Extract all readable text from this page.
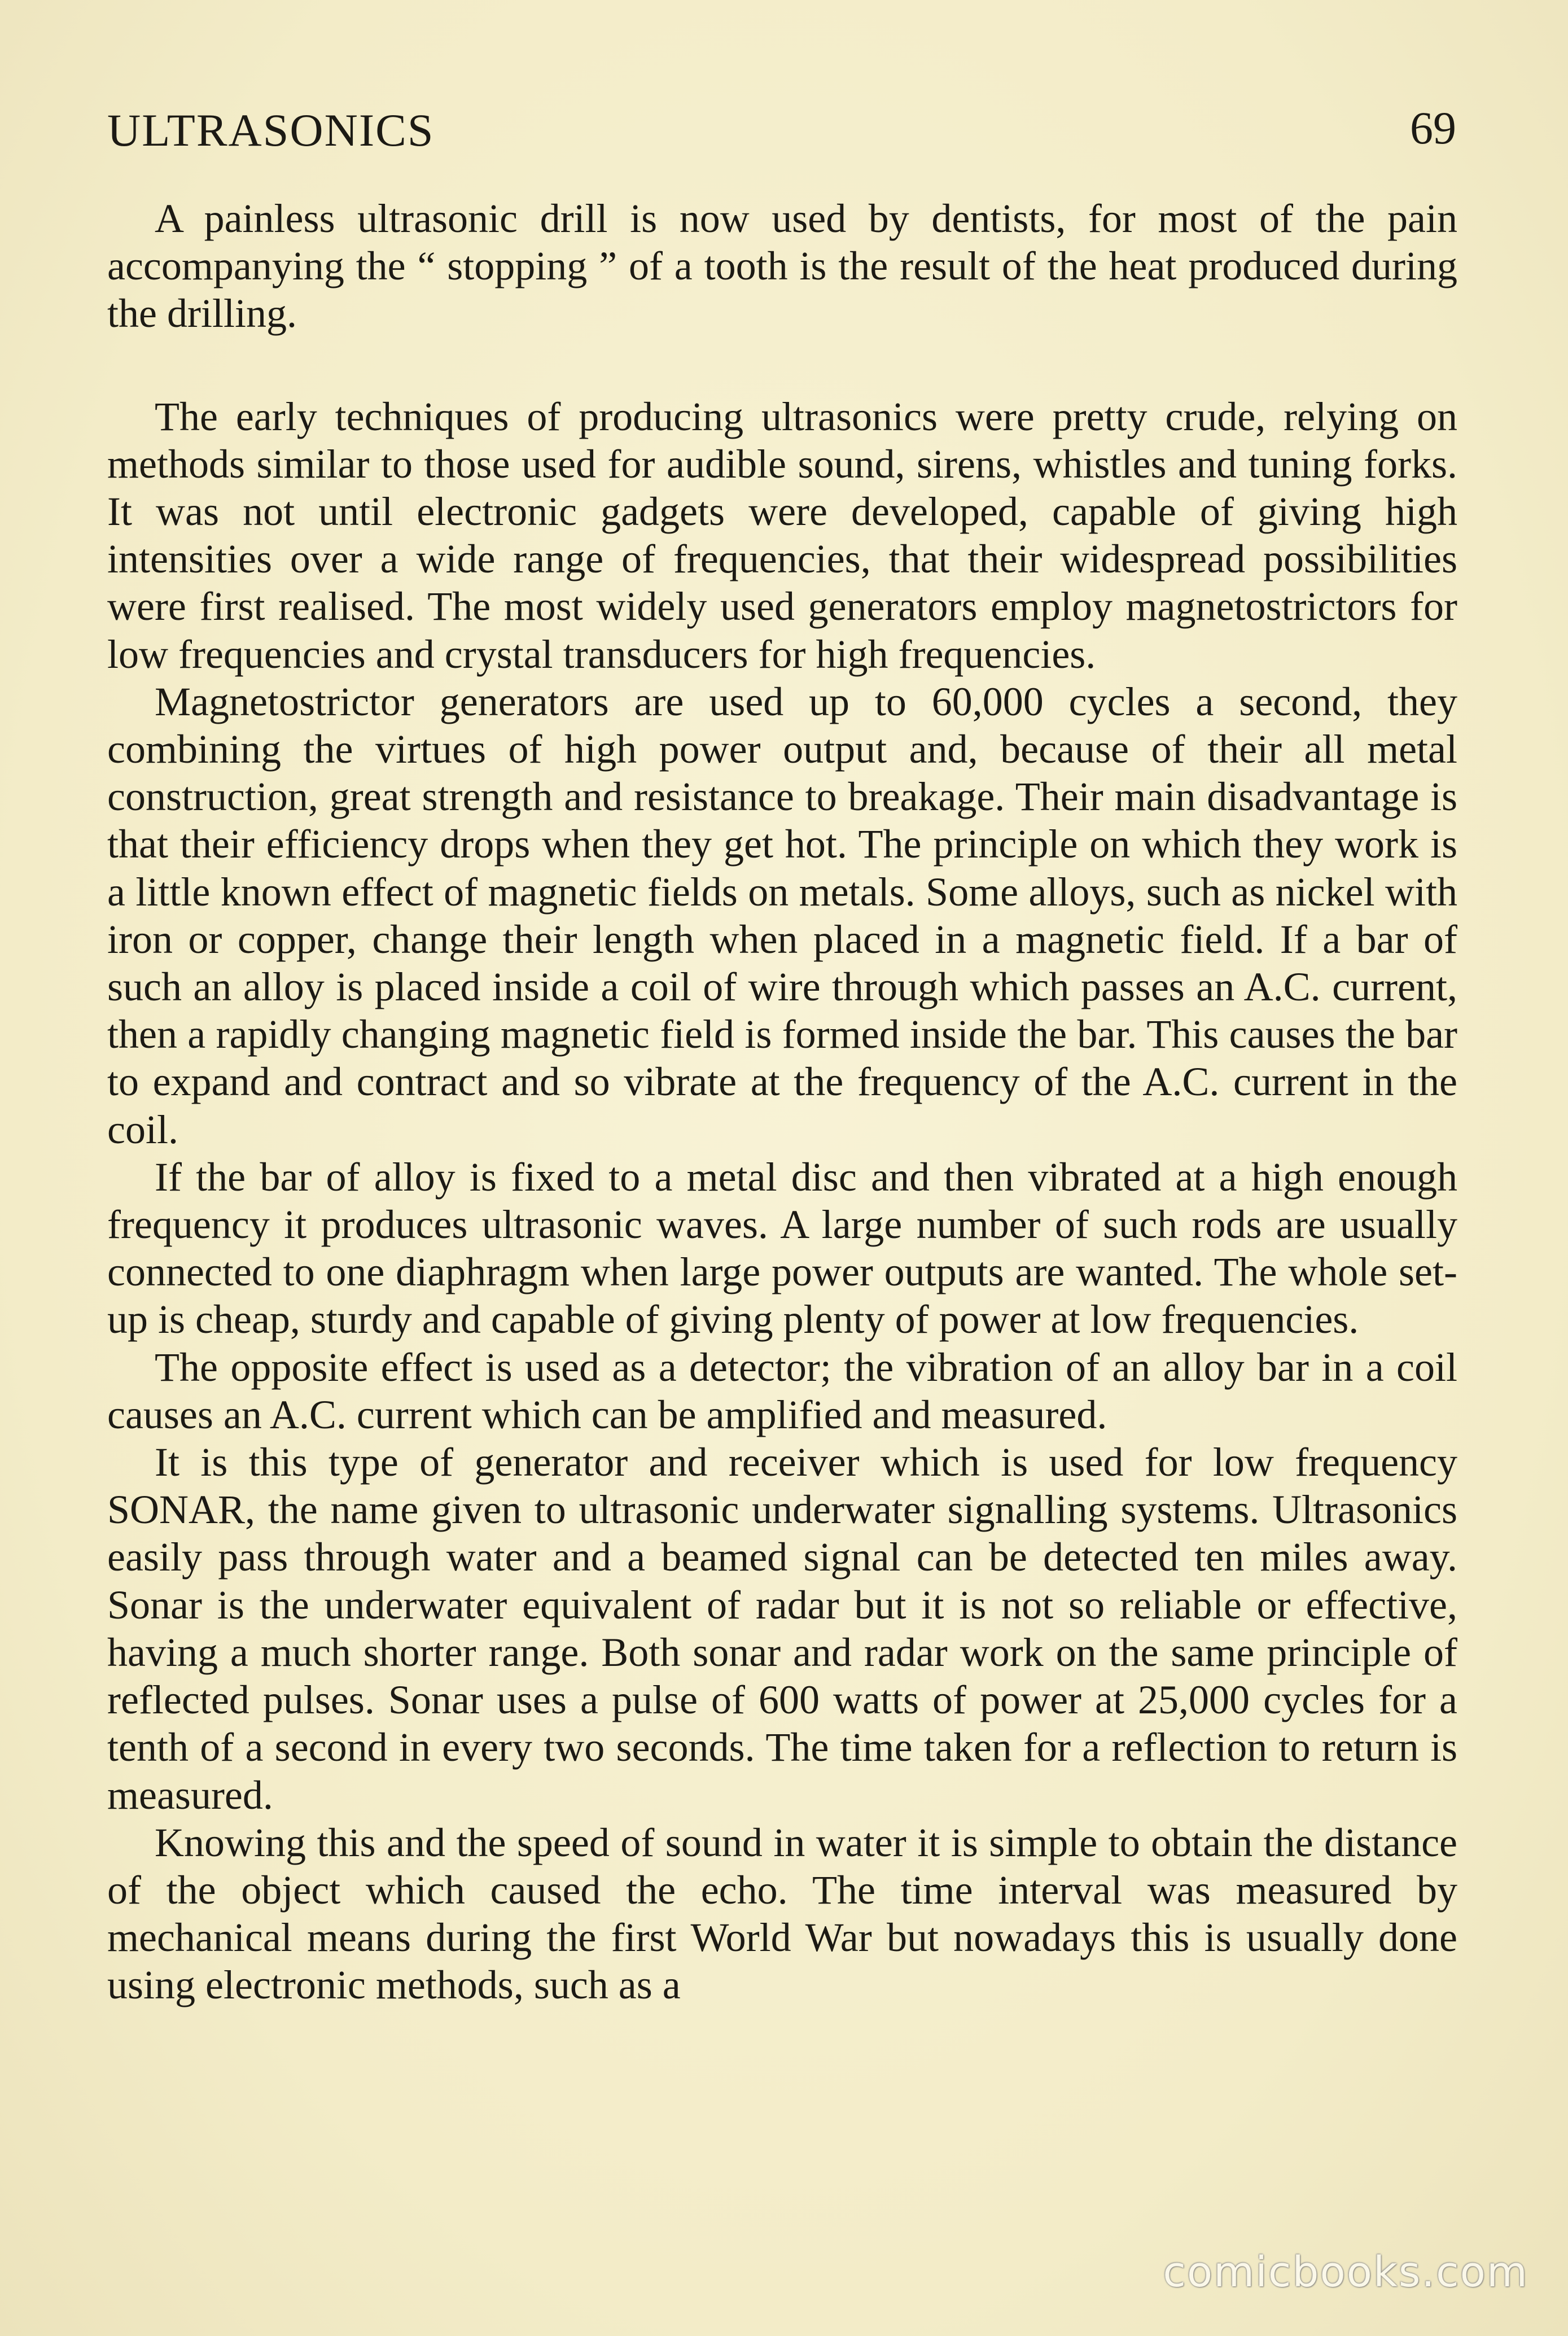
ULTRASONICS	69

A painless ultrasonic drill is now used by dentists, for most of the pain accompanying the “ stopping ” of a tooth is the result of the heat produced during the drilling.

The early techniques of producing ultrasonics were pretty crude, relying on methods similar to those used for audible sound, sirens, whistles and tuning forks. It was not until electronic gadgets were developed, capable of giving high intensities over a wide range of frequencies, that their widespread possibilities were first realised. The most widely used generators employ magnetostrictors for low frequencies and crystal transducers for high frequencies.

Magnetostrictor generators are used up to 60,000 cycles a second, they combining the virtues of high power output and, because of their all metal construction, great strength and resistance to breakage. Their main disadvantage is that their efficiency drops when they get hot. The principle on which they work is a little known effect of magnetic fields on metals. Some alloys, such as nickel with iron or copper, change their length when placed in a magnetic field. If a bar of such an alloy is placed inside a coil of wire through which passes an A.C. current, then a rapidly changing magnetic field is formed inside the bar. This causes the bar to expand and contract and so vibrate at the frequency of the A.C. current in the coil.

If the bar of alloy is fixed to a metal disc and then vibrated at a high enough frequency it produces ultrasonic waves. A large number of such rods are usually connected to one diaphragm when large power outputs are wanted. The whole set-up is cheap, sturdy and capable of giving plenty of power at low frequencies.

The opposite effect is used as a detector; the vibration of an alloy bar in a coil causes an A.C. current which can be amplified and measured.

It is this type of generator and receiver which is used for low frequency SONAR, the name given to ultrasonic underwater signalling systems. Ultrasonics easily pass through water and a beamed signal can be detected ten miles away. Sonar is the underwater equivalent of radar but it is not so reliable or effective, having a much shorter range. Both sonar and radar work on the same principle of reflected pulses. Sonar uses a pulse of 600 watts of power at 25,000 cycles for a tenth of a second in every two seconds. The time taken for a reflection to return is measured.

Knowing this and the speed of sound in water it is simple to obtain the distance of the object which caused the echo. The time interval was measured by mechanical means during the first World War but nowadays this is usually done using electronic methods, such as a

comicbooks.com
